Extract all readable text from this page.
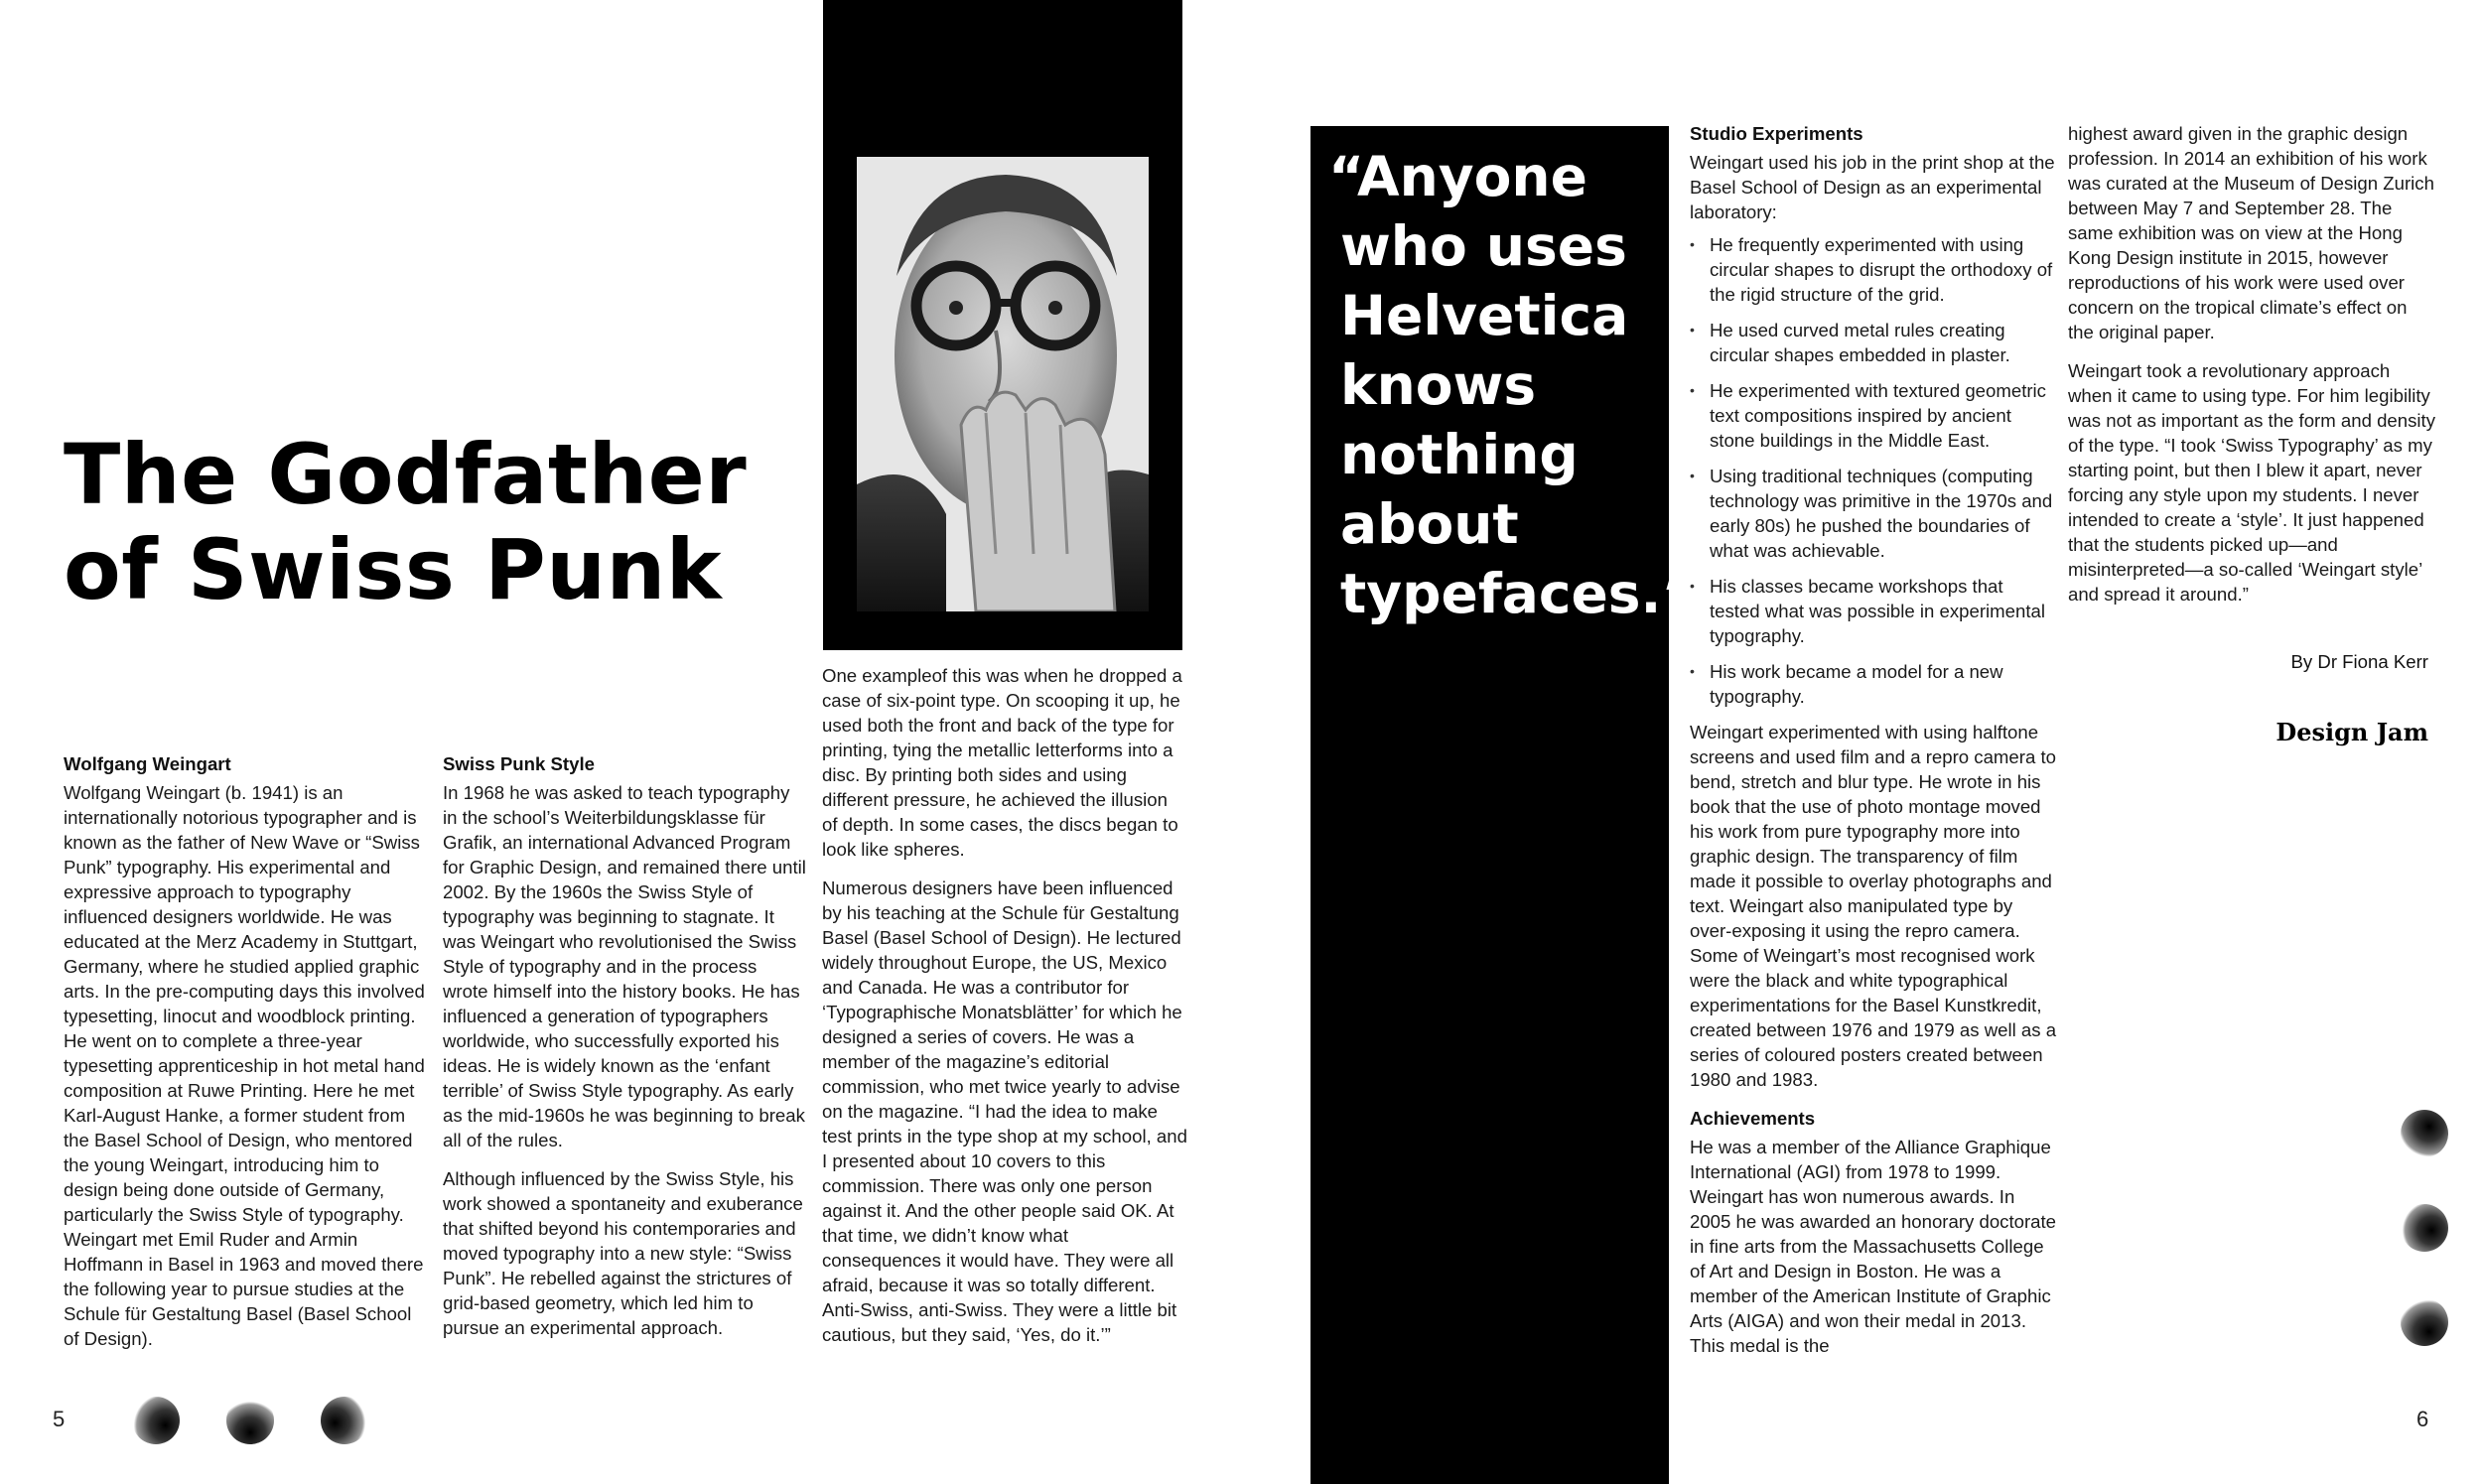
The Godfather
of Swiss Punk
Wolfgang Weingart

Wolfgang Weingart (b. 1941) is an internationally notorious typographer and is known as the father of New Wave or “Swiss Punk” typography. His experimental and expressive approach to typography influenced designers worldwide. He was educated at the Merz Academy in Stuttgart, Germany, where he studied applied graphic arts. In the pre-computing days this involved typesetting, linocut and woodblock printing. He went on to complete a three-year typesetting apprenticeship in hot metal hand composition at Ruwe Printing. Here he met Karl-August Hanke, a former student from the Basel School of Design, who mentored the young Weingart, introducing him to design being done outside of Germany, particularly the Swiss Style of typography. Weingart met Emil Ruder and Armin Hoffmann in Basel in 1963 and moved there the following year to pursue studies at the Schule für Gestaltung Basel (Basel School of Design).

Swiss Punk Style

In 1968 he was asked to teach typography in the school’s Weiterbildungsklasse für Grafik, an international Advanced Program for Graphic Design, and remained there until 2002. By the 1960s the Swiss Style of typography was beginning to stagnate. It was Weingart who revolutionised the Swiss Style of typography and in the process wrote himself into the history books. He has influenced a generation of typographers worldwide, who successfully exported his ideas. He is widely known as the ‘enfant terrible’ of Swiss Style typography. As early as the mid-1960s he was beginning to break all of the rules.

Although influenced by the Swiss Style, his work showed a spontaneity and exuberance that shifted beyond his contemporaries and moved typography into a new style: “Swiss Punk”. He rebelled against the strictures of grid-based geometry, which led him to pursue an experimental approach.

One exampleof this was when he dropped a case of six-point type. On scooping it up, he used both the front and back of the type for printing, tying the metallic letterforms into a disc. By printing both sides and using different pressure, he achieved the illusion of depth. In some cases, the discs began to look like spheres.

Numerous designers have been influenced by his teaching at the Schule für Gestaltung Basel (Basel School of Design). He lectured widely throughout Europe, the US, Mexico and Canada. He was a contributor for ‘Typographische Monatsblätter’ for which he designed a series of covers. He was a member of the magazine’s editorial commission, who met twice yearly to advise on the magazine. “I had the idea to make test prints in the type shop at my school, and I presented about 10 covers to this commission. There was only one person against it. And the other people said OK. At that time, we didn’t know what consequences it would have. They were all afraid, because it was so totally different. Anti-Swiss, anti-Swiss. They were a little bit cautious, but they said, ‘Yes, do it.’”

5
“Anyone
who uses
Helvetica
knows
nothing
about
typefaces.”
Studio Experiments

Weingart used his job in the print shop at the Basel School of Design as an experimental laboratory:

• He frequently experimented with using circular shapes to disrupt the orthodoxy of the rigid structure of the grid.
• He used curved metal rules creating circular shapes embedded in plaster.
• He experimented with textured geometric text compositions inspired by ancient stone buildings in the Middle East.
• Using traditional techniques (computing technology was primitive in the 1970s and early 80s) he pushed the boundaries of what was achievable.
• His classes became workshops that tested what was possible in experimental typography.
• His work became a model for a new typography.

Weingart experimented with using halftone screens and used film and a repro camera to bend, stretch and blur type. He wrote in his book that the use of photo montage moved his work from pure typography more into graphic design. The transparency of film made it possible to overlay photographs and text. Weingart also manipulated type by over-exposing it using the repro camera. Some of Weingart’s most recognised work were the black and white typographical experimentations for the Basel Kunstkredit, created between 1976 and 1979 as well as a series of coloured posters created between 1980 and 1983.

Achievements

He was a member of the Alliance Graphique International (AGI) from 1978 to 1999. Weingart has won numerous awards. In 2005 he was awarded an honorary doctorate in fine arts from the Massachusetts College of Art and Design in Boston. He was a member of the American Institute of Graphic Arts (AIGA) and won their medal in 2013. This medal is the

highest award given in the graphic design profession. In 2014 an exhibition of his work was curated at the Museum of Design Zurich between May 7 and September 28. The same exhibition was on view at the Hong Kong Design institute in 2015, however reproductions of his work were used over concern on the tropical climate’s effect on the original paper.

Weingart took a revolutionary approach when it came to using type. For him legibility was not as important as the form and density of the type. “I took ‘Swiss Typography’ as my starting point, but then I blew it apart, never forcing any style upon my students. I never intended to create a ‘style’. It just happened that the students picked up—and misinterpreted—a so-called ‘Weingart style’ and spread it around.”

By Dr Fiona Kerr
Design Jam
6
